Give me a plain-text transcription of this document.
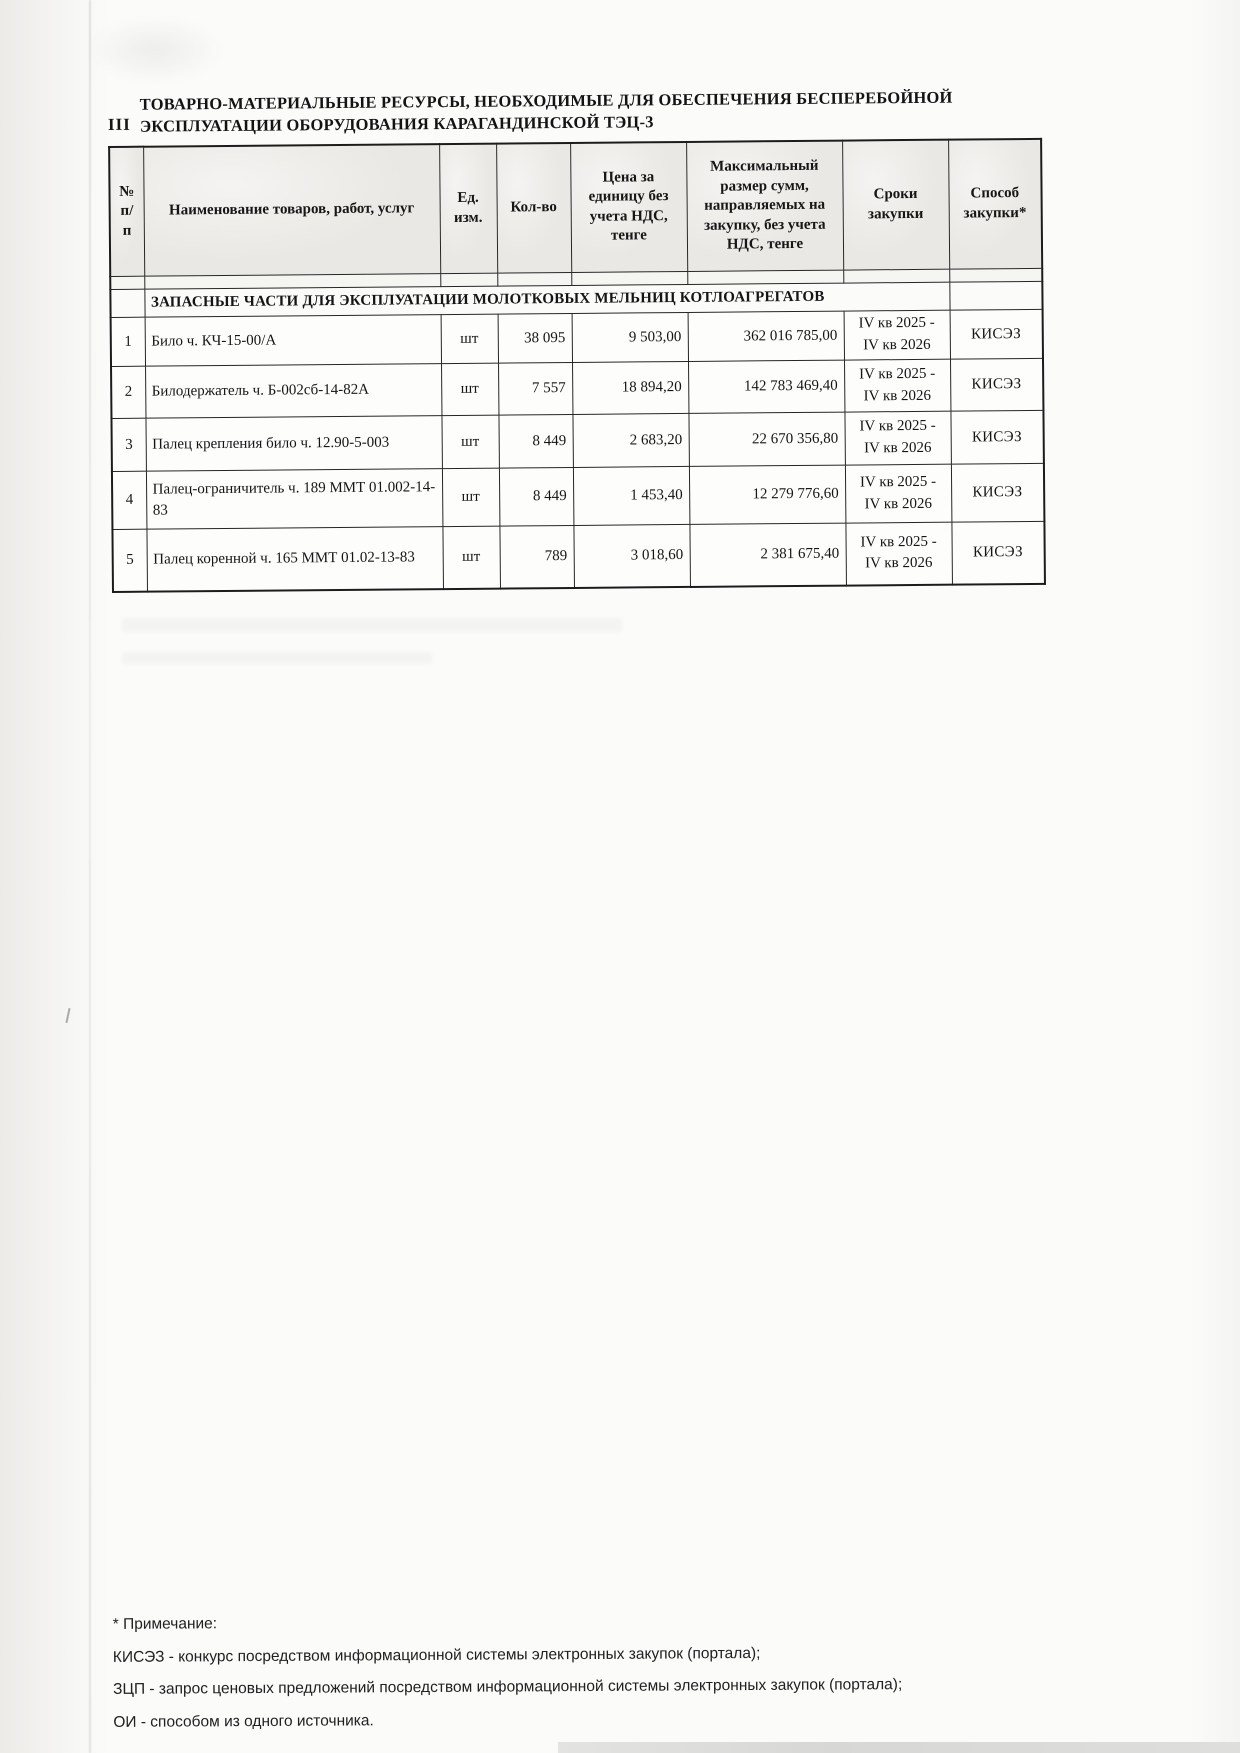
III
ТОВАРНО-МАТЕРИАЛЬНЫЕ РЕСУРСЫ, НЕОБХОДИМЫЕ ДЛЯ ОБЕСПЕЧЕНИЯ БЕСПЕРЕБОЙНОЙ
ЭКСПЛУАТАЦИИ ОБОРУДОВАНИЯ КАРАГАНДИНСКОЙ ТЭЦ-3
№ п/п	Наименование товаров, работ, услуг	Ед. изм.	Кол-во	Цена за единицу без учета НДС, тенге	Максимальный размер сумм, направляемых на закупку, без учета НДС, тенге	Сроки закупки	Способ закупки*

	ЗАПАСНЫЕ ЧАСТИ ДЛЯ ЭКСПЛУАТАЦИИ МОЛОТКОВЫХ МЕЛЬНИЦ КОТЛОАГРЕГАТОВ						
1	Било ч. КЧ-15-00/А	шт	38 095	9 503,00	362 016 785,00	IV кв 2025 - IV кв 2026	КИСЭЗ
2	Билодержатель ч. Б-002сб-14-82А	шт	7 557	18 894,20	142 783 469,40	IV кв 2025 - IV кв 2026	КИСЭЗ
3	Палец крепления било ч. 12.90-5-003	шт	8 449	2 683,20	22 670 356,80	IV кв 2025 - IV кв 2026	КИСЭЗ
4	Палец-ограничитель ч. 189 ММТ 01.002-14-83	шт	8 449	1 453,40	12 279 776,60	IV кв 2025 - IV кв 2026	КИСЭЗ
5	Палец коренной ч. 165 ММТ 01.02-13-83	шт	789	3 018,60	2 381 675,40	IV кв 2025 - IV кв 2026	КИСЭЗ
* Примечание:
КИСЭЗ - конкурс посредством информационной системы электронных закупок (портала);
ЗЦП - запрос ценовых предложений посредством информационной системы электронных закупок (портала);
ОИ - способом из одного источника.
